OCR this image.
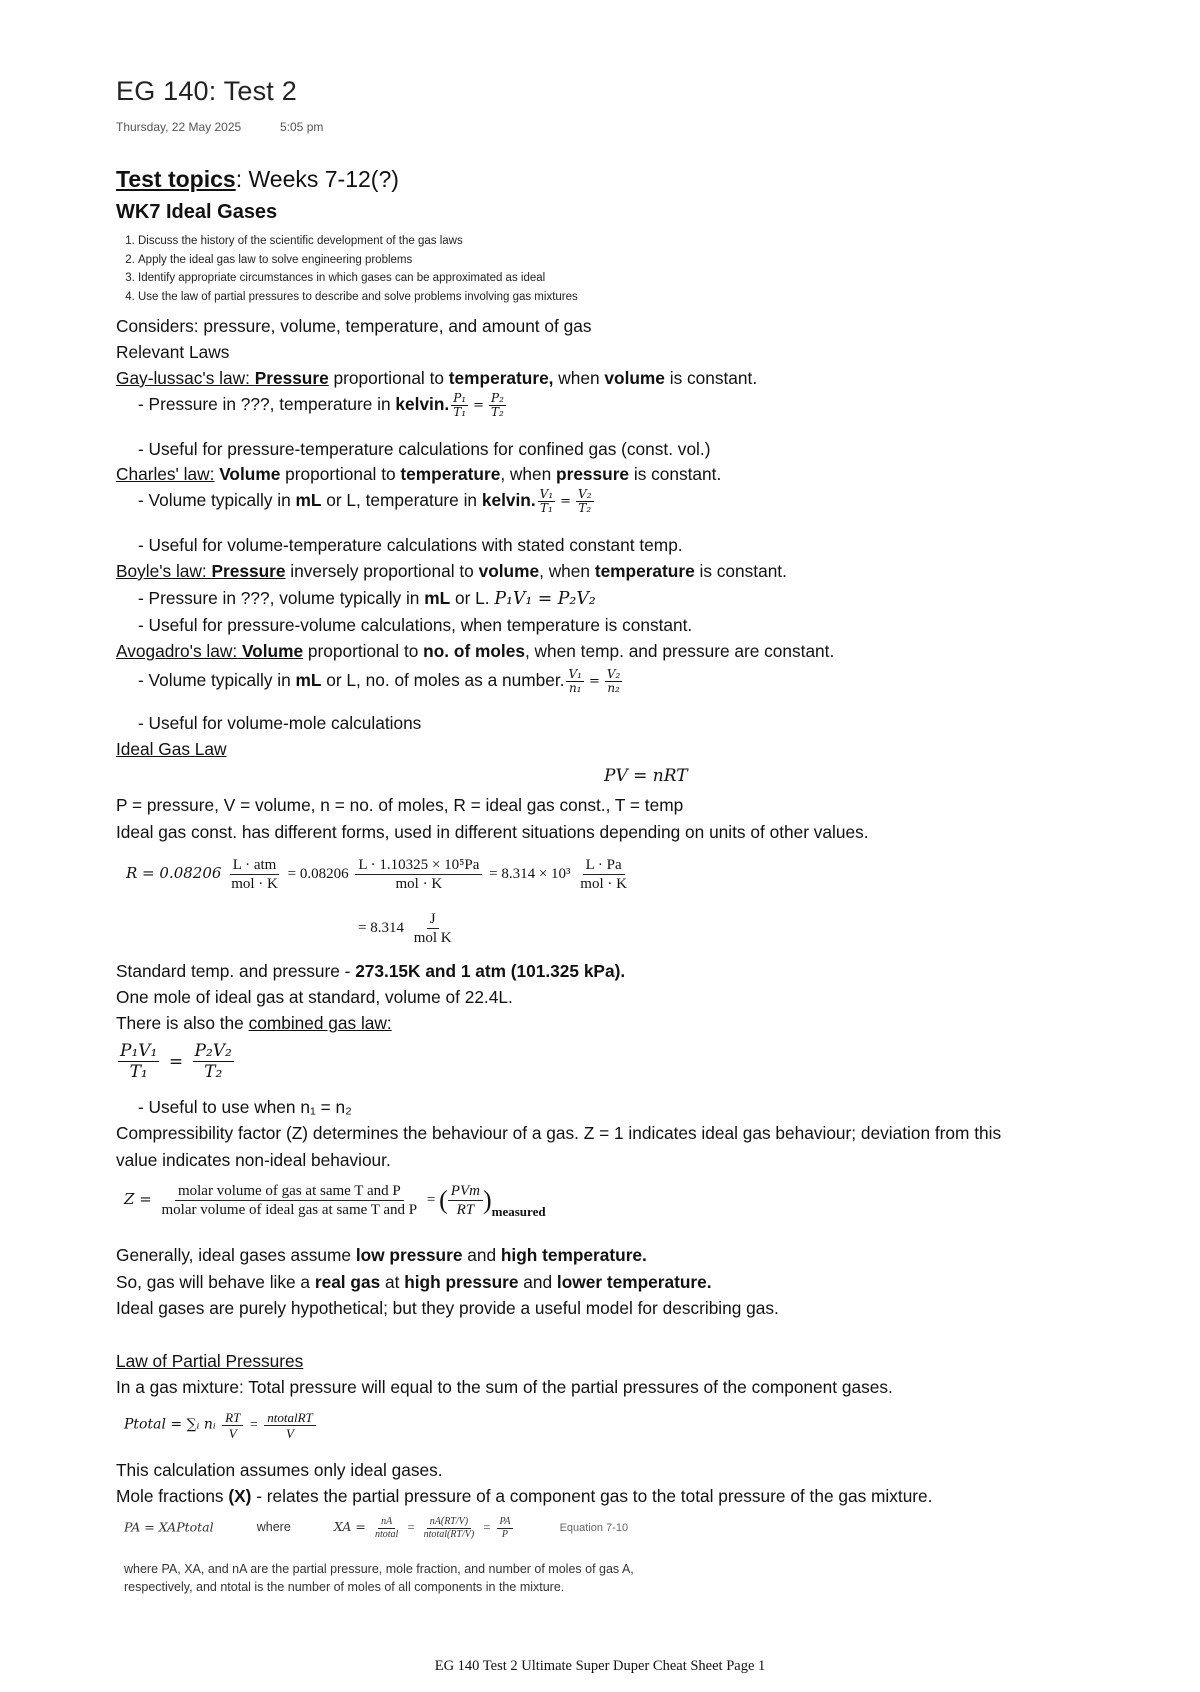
EG 140: Test 2
Thursday, 22 May 2025	5:05 pm
Test topics: Weeks 7-12(?)
WK7 Ideal Gases
1. Discuss the history of the scientific development of the gas laws
2. Apply the ideal gas law to solve engineering problems
3. Identify appropriate circumstances in which gases can be approximated as ideal
4. Use the law of partial pressures to describe and solve problems involving gas mixtures
Considers: pressure, volume, temperature, and amount of gas
Relevant Laws
Gay-lussac's law: Pressure proportional to temperature, when volume is constant.
- Pressure in ???, temperature in kelvin. $\frac{\text{P₁}}{\text{T₁}} = \frac{\text{P₂}}{\text{T₂}}$
- Useful for pressure-temperature calculations for confined gas (const. vol.)
Charles' law: Volume proportional to temperature, when pressure is constant.
- Volume typically in mL or L, temperature in kelvin. $\frac{\text{V₁}}{\text{T₁}} = \frac{\text{V₂}}{\text{T₂}}$
- Useful for volume-temperature calculations with stated constant temp.
Boyle's law: Pressure inversely proportional to volume, when temperature is constant.
- Pressure in ???, volume typically in mL or L. P₁V₁ = P₂V₂
- Useful for pressure-volume calculations, when temperature is constant.
Avogadro's law: Volume proportional to no. of moles, when temp. and pressure are constant.
- Volume typically in mL or L, no. of moles as a number. $\frac{\text{V₁}}{\text{n₁}} = \frac{\text{V₂}}{\text{n₂}}$
- Useful for volume-mole calculations
Ideal Gas Law
PV = nRT
P = pressure, V = volume, n = no. of moles, R = ideal gas const., T = temp
Ideal gas const. has different forms, used in different situations depending on units of other values.
R = 0.08206 L · atm
mol · K
= 0.08206
L · 1.10325 × 10⁵Pa
mol · K
= 8.314 × 10³
L · Pa
mol · K
= 8.314
J
mol K
Standard temp. and pressure - 273.15K and 1 atm (101.325 kPa).
One mole of ideal gas at standard, volume of 22.4L.
There is also the combined gas law:
$\frac{\text{P₁V₁}}{\text{T₁}} = \frac{\text{P₂V₂}}{\text{T₂}}$
- Useful to use when n₁ = n₂
Compressibility factor (Z) determines the behaviour of a gas. Z = 1 indicates ideal gas behaviour; deviation from this
value indicates non-ideal behaviour.
Z = molar volume of gas at same T and P
molar volume of ideal gas at same T and P
= ( PVm
RT )measured
Generally, ideal gases assume low pressure and high temperature.
So, gas will behave like a real gas at high pressure and lower temperature.
Ideal gases are purely hypothetical; but they provide a useful model for describing gas.
Law of Partial Pressures
In a gas mixture: Total pressure will equal to the sum of the partial pressures of the component gases.
Ptotal = ∑ᵢ nᵢ $\frac{RT}{V}$ =
ntotalRT
V
This calculation assumes only ideal gases.
Mole fractions (X) - relates the partial pressure of a component gas to the total pressure of the gas mixture.
PA = XAPtotal	where	XA =	nA
ntotal
=	nA(RT/V)
ntotal(RT/V)
= $\frac{PA}{P}$	Equation 7-10
where PA, XA, and nA are the partial pressure, mole fraction, and number of moles of gas A,
respectively, and ntotal is the number of moles of all components in the mixture.
EG 140 Test 2 Ultimate Super Duper Cheat Sheet Page 1
